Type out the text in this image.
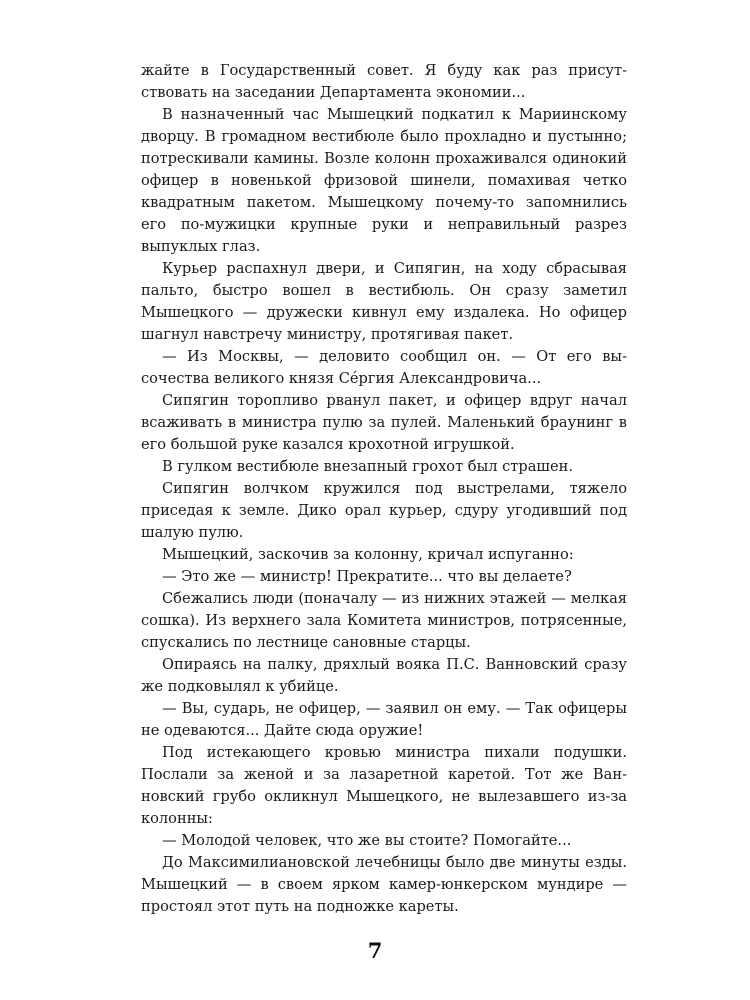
жайте в Государственный совет. Я буду как раз присутствовать на заседании Департамента экономии...

В назначенный час Мышецкий подкатил к Мариинскому дворцу. В громадном вестибюле было прохладно и пустынно; потрескивали камины. Возле колонн прохаживался одинокий офицер в новенькой фризовой шинели, помахивая четко квадратным пакетом. Мышецкому почему-то запомнились его по-мужицки крупные руки и неправильный разрез выпуклых глаз.

Курьер распахнул двери, и Сипягин, на ходу сбрасывая пальто, быстро вошел в вестибюль. Он сразу заметил Мышецкого — дружески кивнул ему издалека. Но офицер шагнул навстречу министру, протягивая пакет.

— Из Москвы, — деловито сообщил он. — От его высочества великого князя Сéргия Александровича...

Сипягин торопливо рванул пакет, и офицер вдруг начал всаживать в министра пулю за пулей. Маленький браунинг в его большой руке казался крохотной игрушкой.

В гулком вестибюле внезапный грохот был страшен.

Сипягин волчком кружился под выстрелами, тяжело приседая к земле. Дико орал курьер, сдуру угодивший под шалую пулю.

Мышецкий, заскочив за колонну, кричал испуганно:

— Это же — министр! Прекратите... что вы делаете?

Сбежались люди (поначалу — из нижних этажей — мелкая сошка). Из верхнего зала Комитета министров, потрясенные, спускались по лестнице сановные старцы.

Опираясь на палку, дряхлый вояка П.С. Ванновский сразу же подковылял к убийце.

— Вы, сударь, не офицер, — заявил он ему. — Так офицеры не одеваются... Дайте сюда оружие!

Под истекающего кровью министра пихали подушки. Послали за женой и за лазаретной каретой. Тот же Ванновский грубо окликнул Мышецкого, не вылезавшего из-за колонны:

— Молодой человек, что же вы стоите? Помогайте...

До Максимилиановской лечебницы было две минуты езды. Мышецкий — в своем ярком камер-юнкерском мундире — простоял этот путь на подножке кареты.

7
